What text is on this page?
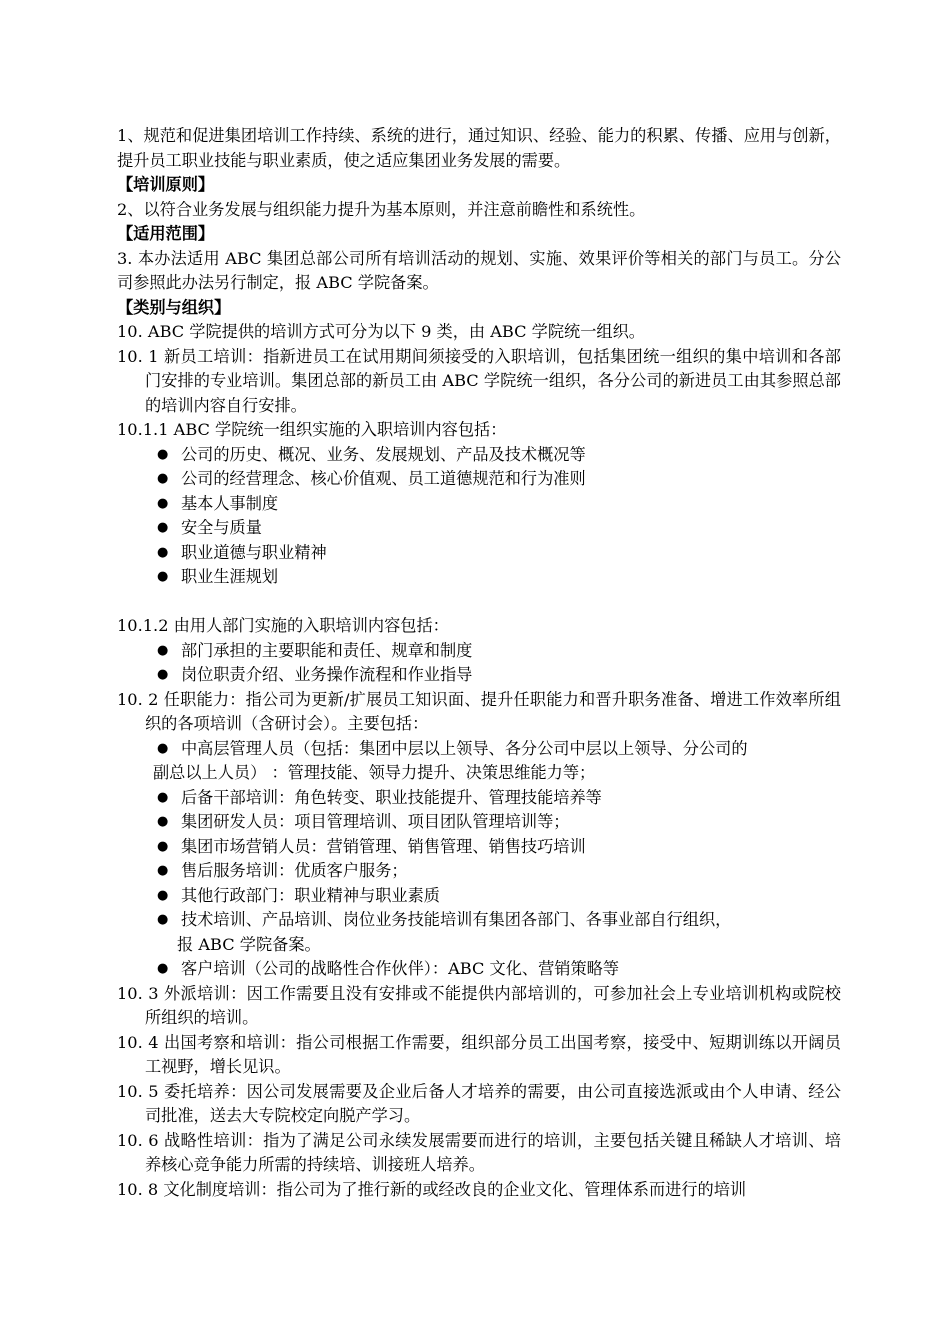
1、规范和促进集团培训工作持续、系统的进行，通过知识、经验、能力的积累、传播、应用与创新，提升员工职业技能与职业素质，使之适应集团业务发展的需要。

【培训原则】

2、以符合业务发展与组织能力提升为基本原则，并注意前瞻性和系统性。

【适用范围】

3. 本办法适用 ABC 集团总部公司所有培训活动的规划、实施、效果评价等相关的部门与员工。分公司参照此办法另行制定，报 ABC 学院备案。

【类别与组织】

10. ABC 学院提供的培训方式可分为以下 9 类，由 ABC 学院统一组织。

10. 1 新员工培训：指新进员工在试用期间须接受的入职培训，包括集团统一组织的集中培训和各部门安排的专业培训。集团总部的新员工由 ABC 学院统一组织，各分公司的新进员工由其参照总部的培训内容自行安排。

10.1.1 ABC 学院统一组织实施的入职培训内容包括：

● 公司的历史、概况、业务、发展规划、产品及技术概况等
● 公司的经营理念、核心价值观、员工道德规范和行为准则
● 基本人事制度
● 安全与质量
● 职业道德与职业精神
● 职业生涯规划

10.1.2 由用人部门实施的入职培训内容包括：

● 部门承担的主要职能和责任、规章和制度
● 岗位职责介绍、业务操作流程和作业指导

10. 2 任职能力：指公司为更新/扩展员工知识面、提升任职能力和晋升职务准备、增进工作效率所组织的各项培训（含研讨会）。主要包括：

● 中高层管理人员（包括：集团中层以上领导、各分公司中层以上领导、分公司的
副总以上人员） ：管理技能、领导力提升、决策思维能力等；
● 后备干部培训：角色转变、职业技能提升、管理技能培养等
● 集团研发人员：项目管理培训、项目团队管理培训等；
● 集团市场营销人员：营销管理、销售管理、销售技巧培训
● 售后服务培训：优质客户服务；
● 其他行政部门：职业精神与职业素质
● 技术培训、产品培训、岗位业务技能培训有集团各部门、各事业部自行组织，
报 ABC 学院备案。
● 客户培训（公司的战略性合作伙伴）：ABC 文化、营销策略等

10. 3 外派培训：因工作需要且没有安排或不能提供内部培训的，可参加社会上专业培训机构或院校所组织的培训。

10. 4 出国考察和培训：指公司根据工作需要，组织部分员工出国考察，接受中、短期训练以开阔员工视野，增长见识。

10. 5 委托培养：因公司发展需要及企业后备人才培养的需要，由公司直接选派或由个人申请、经公司批准，送去大专院校定向脱产学习。

10. 6 战略性培训：指为了满足公司永续发展需要而进行的培训，主要包括关键且稀缺人才培训、培养核心竞争能力所需的持续培、训接班人培养。

10. 8 文化制度培训：指公司为了推行新的或经改良的企业文化、管理体系而进行的培训
